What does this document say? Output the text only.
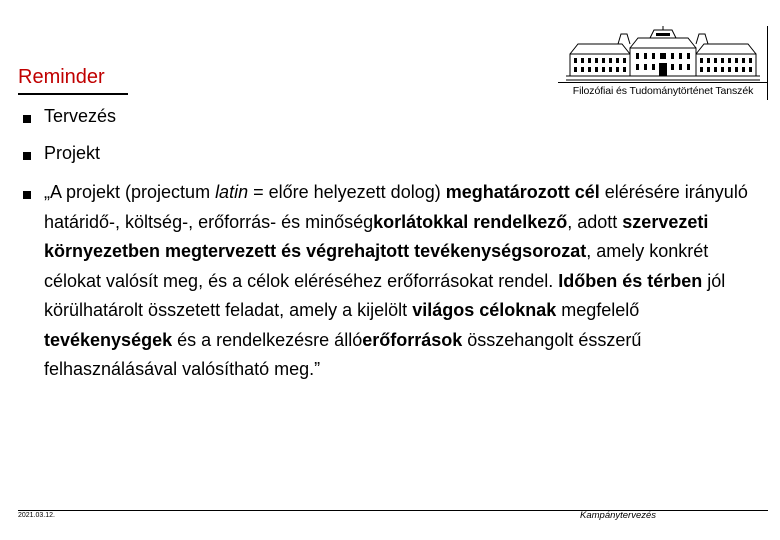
Reminder
Filozófiai és Tudománytörténet Tanszék
Tervezés
Projekt
„A projekt (projectum latin = előre helyezett dolog) meghatározott cél elérésére irányuló határidő-, költség-, erőforrás- és minőségkorlátokkal rendelkező, adott szervezeti környezetben megtervezett és végrehajtott tevékenységsorozat, amely konkrét célokat valósít meg, és a célok eléréséhez erőforrásokat rendel. Időben és térben jól körülhatárolt összetett feladat, amely a kijelölt világos céloknak megfelelő tevékenységek és a rendelkezésre állóerőforrások összehangolt ésszerű felhasználásával valósítható meg.”
2021.03.12.	Kampánytervezés
